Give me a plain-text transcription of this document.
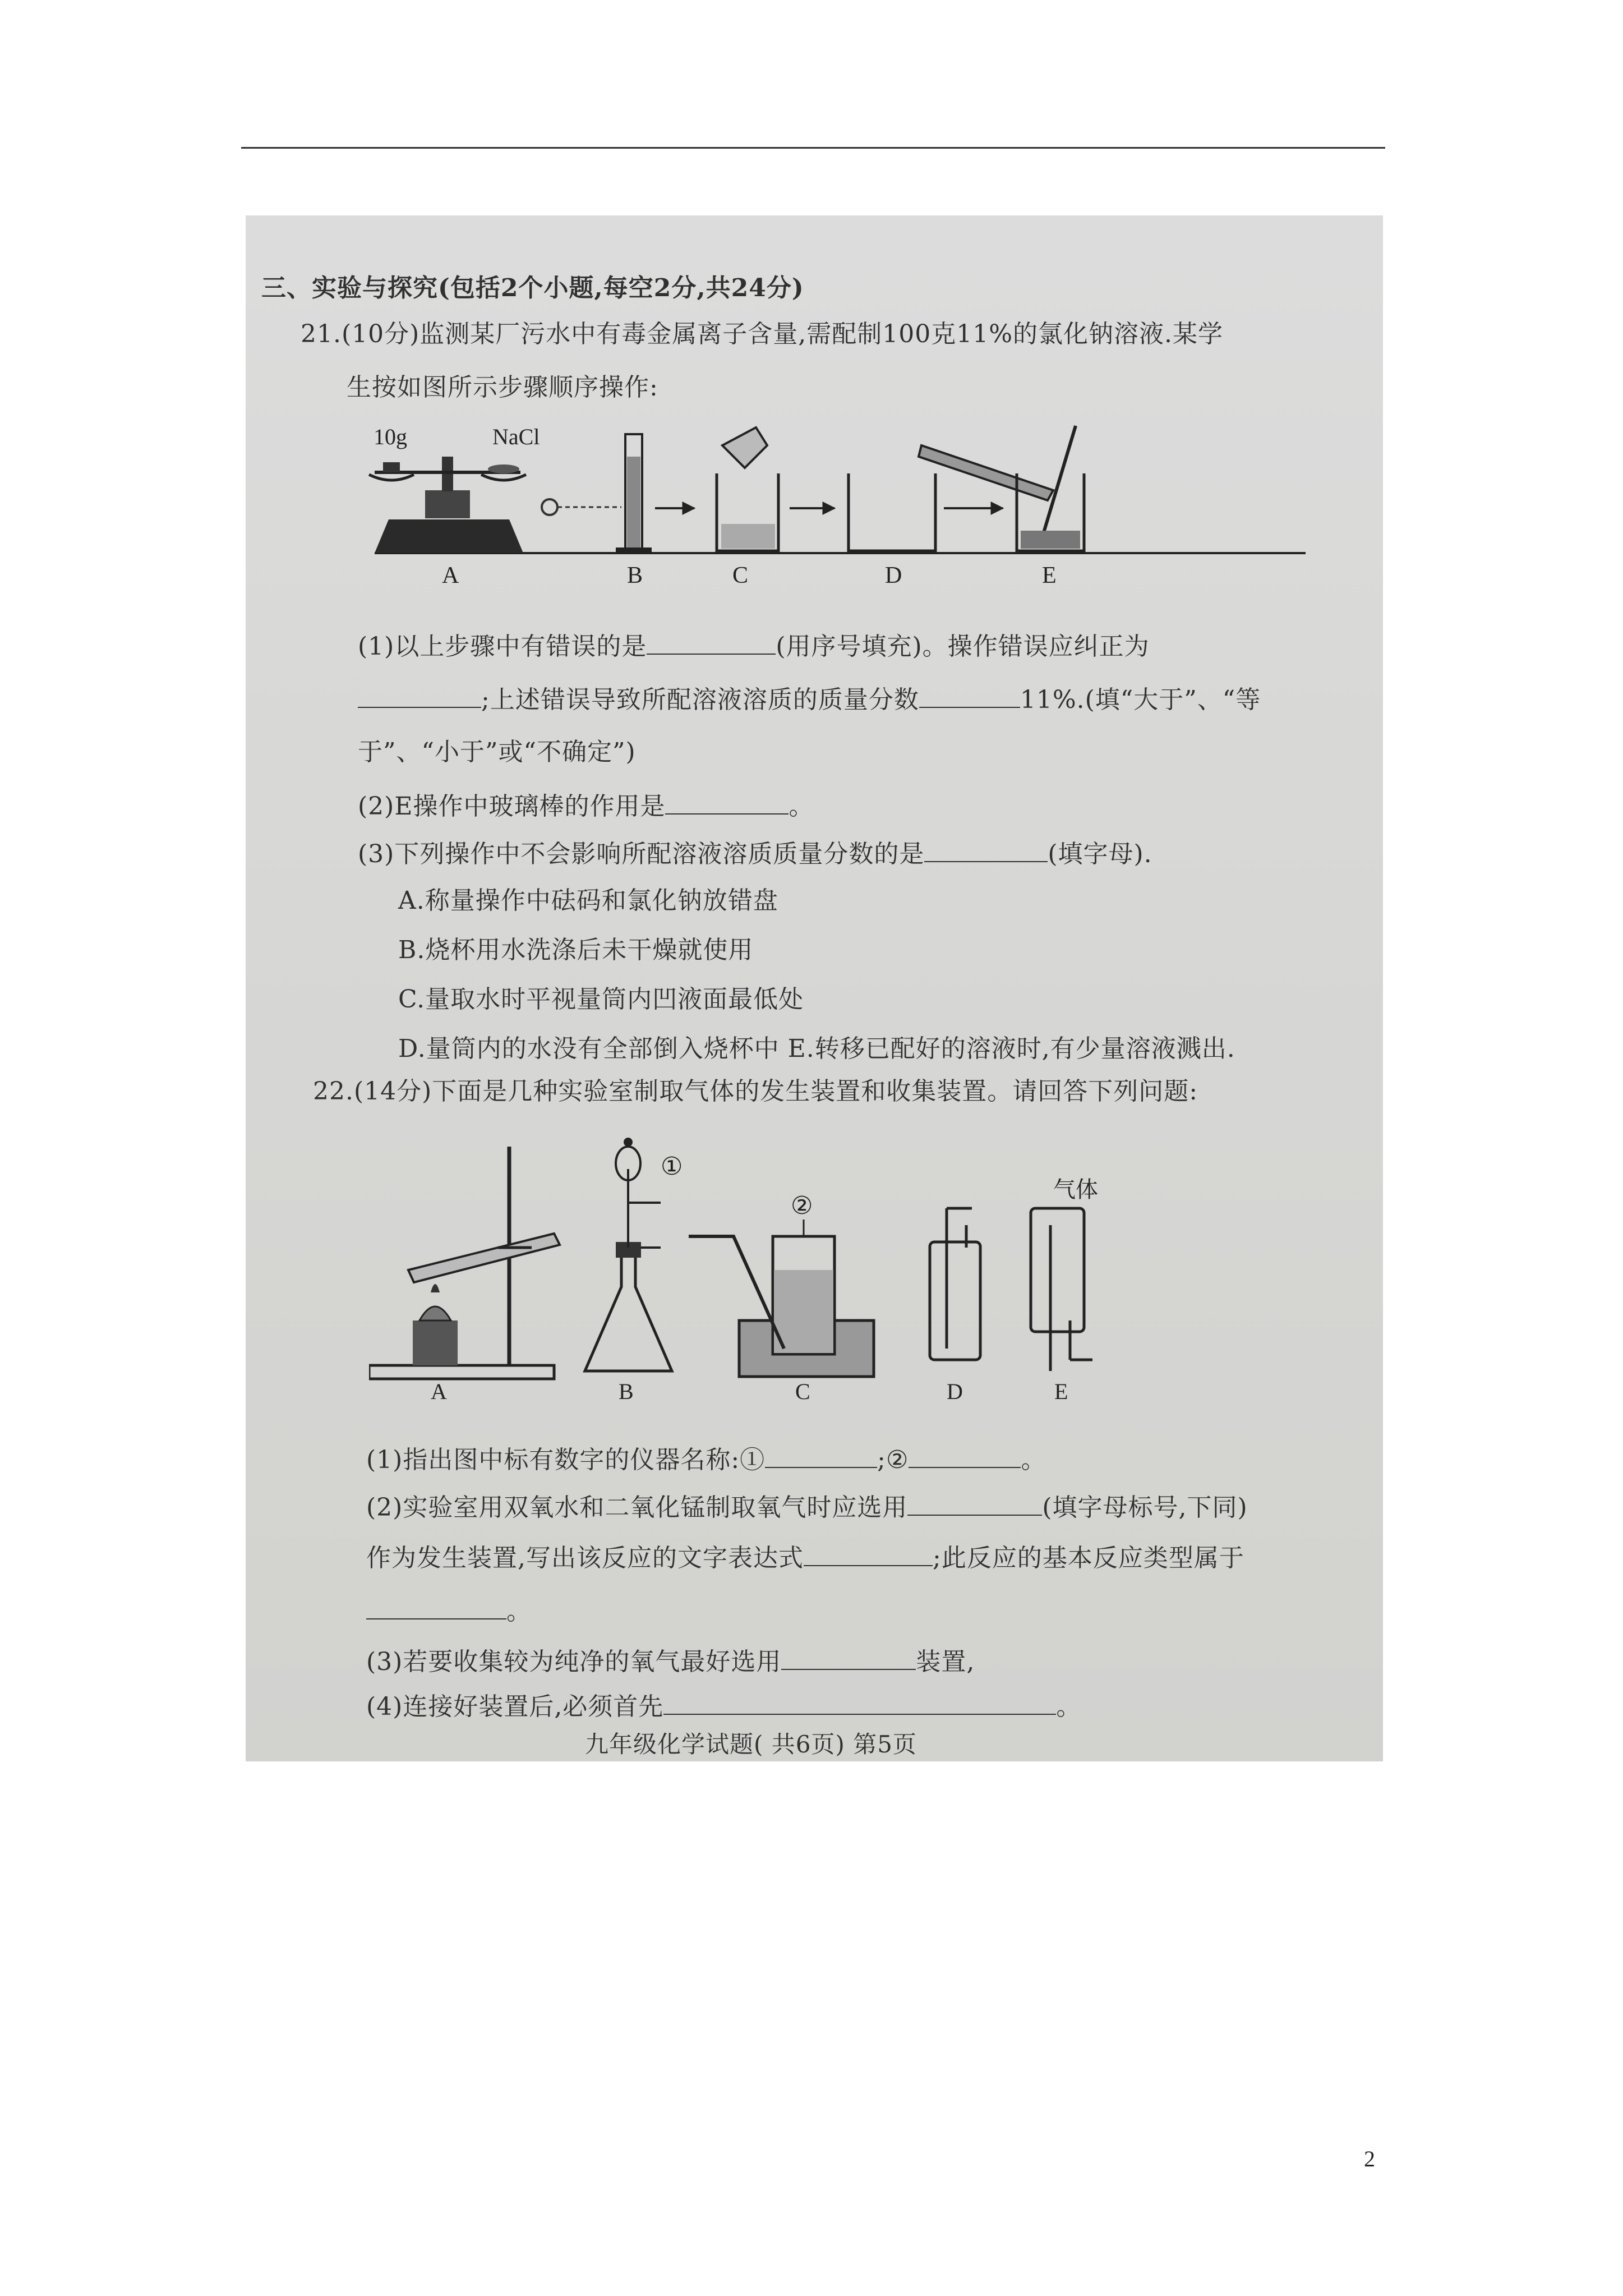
三、实验与探究(包括2个小题,每空2分,共24分)
21.(10分)监测某厂污水中有毒金属离子含量,需配制100克11%的氯化钠溶液.某学
生按如图所示步骤顺序操作:
10g	NaCl
A	B	C	D	E
(1)以上步骤中有错误的是	(用序号填充)。操作错误应纠正为
;上述错误导致所配溶液溶质的质量分数	11%.(填“大于”、“等
于”、“小于”或“不确定”)
(2)E操作中玻璃棒的作用是	。
(3)下列操作中不会影响所配溶液溶质质量分数的是	(填字母).
A.称量操作中砝码和氯化钠放错盘
B.烧杯用水洗涤后未干燥就使用
C.量取水时平视量筒内凹液面最低处
D.量筒内的水没有全部倒入烧杯中 E.转移已配好的溶液时,有少量溶液溅出.
22.(14分)下面是几种实验室制取气体的发生装置和收集装置。请回答下列问题:
A
①
B
②
C	D
气体
E
(1)指出图中标有数字的仪器名称:①	;②	。
(2)实验室用双氧水和二氧化锰制取氧气时应选用	(填字母标号,下同)
作为发生装置,写出该反应的文字表达式	;此反应的基本反应类型属于
。
(3)若要收集较为纯净的氧气最好选用	装置,
(4)连接好装置后,必须首先	。
九年级化学试题( 共6页) 第5页
2
